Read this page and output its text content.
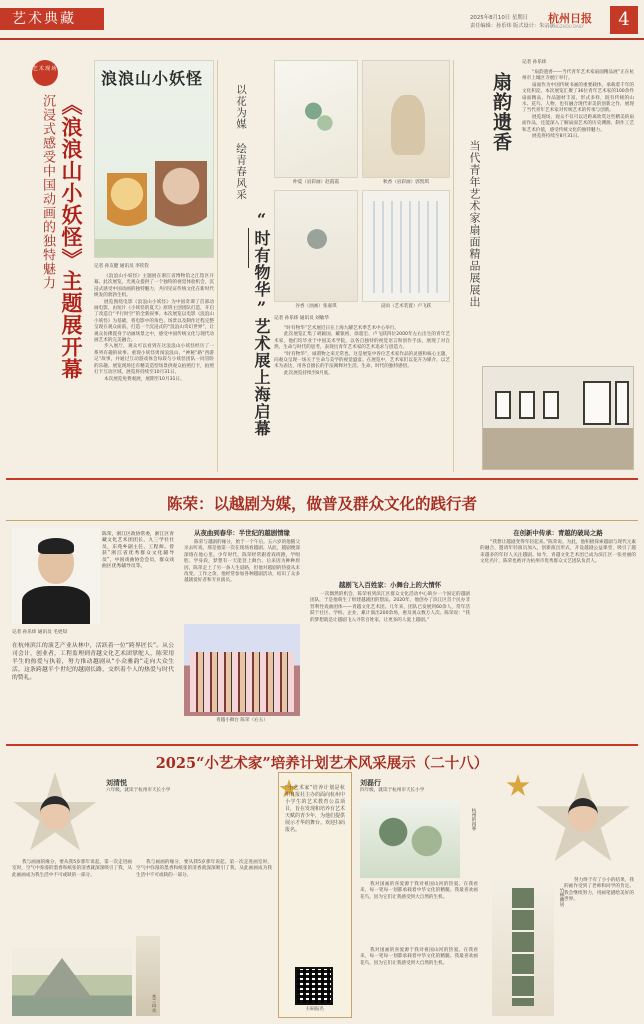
艺术典藏	2025年8月10日 星期日
责任编辑：孙乐炜 版式设计：朱宗宇
杭州日报
HANGZHOU DAILY	4
艺术现场
《浪浪山小妖怪》主题展开幕
沉浸式感受中国动画的独特魅力
浪浪山小妖怪
记者 孙友健 通讯员 李钦钦

《浪浪山小妖怪》主题展在浙江省博物馆之江馆区开幕。此次展览，光观众提供了一个独特的视觉体验机会，沉浸式感受中国动画的独特魅力，共同见证传统文化在新时代焕发的勃勃生机。

展览围绕电影《浪浪山小妖怪》为中国奇谭了首部动画电影，由短片《小妖怪的夏天》原班主创团队打造，开启了改造自“平行时空”的全新叙事。本次展览以电影《浪浪山小妖怪》为基础，将电影中的角色、场景以及制作过程完整呈现在观众面前，打造一个沉浸式的“浪浪山奇幻世界”，让观众仿佛置身于动画场景之中，感受中国传统文化与现代动画艺术的完美融合。

步入展厅，观众可以看到在这浪浪山小妖怪经历了一系列有趣的故事。重现小妖怪勇闯浪浪山、“神秘”路“西游记”故事，并通过互动游戏体会每段与小妖怪团队一同冒险的乐趣。展览现场还有精美造型场景供观众拍照打卡，拍照打卡互动区域。展览将持续至10月31日。

本次展览免费观展，展期至10月31日。

以花为媒 绘青春风采
“时有物华”艺术展上海启幕
仲夏（岩彩画）赵霞霞	秋香（岩彩画）郭凯琪
谷香（油画）张嘉琪	浸雨（艺术装置）卢飞跃
记者 孙乐炜 通讯员 刘敏华

“时有物华”艺术展近日在上海九曜艺术季艺术中心举行。

此次展览汇集了胡颖国、戴银初、徐超宏、卢飞跃四位2000年左右出生的青年艺术家，他们均毕业于中国美术学院，以各自独特的视觉语言和创作手法，展现了对自然、生命与时代的思考，表现出青年艺术家的艺术追求与创造力。

“时有物华”，诚谓物之来无常也。这是展览中各位艺术家作品的灵感和核心主题，向观众呈现一场关于生命与美学的视觉盛宴。在展览中，艺术家们以花卉为媒介，以艺术为表达，用各自擅长的手法阐释对生活、生命、时代的独特感悟。

此次展览持续至8月底。

记者 孙乐炜
扇韵遗香
当代青年艺术家扇面精品展展出

“扇韵遗香——当代青年艺术家扇面精品展”正在杭州市上城区寺展厅举行。

扇面作为中国传统书画的重要载体，承载着千年的文化积淀。本次展览汇聚了36位青年艺术家的100余件扇面精品，作品题材丰富、形式多样，既有传统的山水、花鸟、人物，也有融合现代审美的创新之作，展现了当代青年艺术家对传统艺术的传承与创新。

展览现场，观众不仅可以近距离欣赏这些精美的扇面作品，还能深入了解扇面艺术的历史渊源、制作工艺和艺术价值，感受传统文化的独特魅力。

展览将持续至8月31日。

陈荣：以越剧为媒，做普及群众文化的践行者
陈荣，浙江区政协常委，浙江区青藏文化艺术团团长，九三学社社员，东苑乡副主任，工程师。曾获“浙江省优秀群众文化辅导员”，中国戏曲协会会员，群众戏曲区优秀辅导员等。
记者 孙乐炜 通讯员 毛更知
在杭州滨江的演艺产业从林中，活跃着一位“跨界匠长”。从公司会计，创业者，工程监理到青越文化艺术团掌舵人，陈荣用半生的热爱与执着，努力推动越剧从“小众雅韵”走向大众生活，这条跨越半个世纪的越剧长路，交织着个人的热爱与时代的赞礼。
从夜曲到春华：半世纪的越剧情缘
陈荣与越剧的缘分，始于一个午后。五六岁的他随父亲去听戏，那是他第一次在现场看越剧。从此，越剧便深深烙在他心里。少年时代，陈荣经常跟着戏班跑，学唱腔、学身段，梦想有一天能登上舞台。后来因为种种原因，陈荣走上了另一条人生道路，但他对越剧的热爱从未改变。工作之余，他经常参加各种越剧活动，结识了众多越剧爱好者和专业演员。
青越小舞台 陈荣（右五）
越剧飞入百姓家：小舞台上的大情怀
一次偶然的机会，陈荣看到滨江区群众文化活动中心缺少一个固定的越剧团队，于是他萌生了组建越剧团的想法。2020年，他创办了滨江区首个民办非营利性戏曲团体——青越文化艺术团。几年来，团队已发展到60余人，常年活跃于社区、学校、企业，累计演出200余场，惠及观众数万人次。陈荣说：“我的梦想就是让越剧飞入寻常百姓家，让更多的人爱上越剧。”
在创新中传承：青越的破局之路
“我想让越剧变得年轻起来。”陈荣说。为此，他积极探索越剧与现代元素的融合，邀请年轻演员加入，创新演出形式，开设越剧公益课堂，吸引了越来越多的年轻人关注越剧。如今，青越文化艺术团已成为滨江区一张亮丽的文化名片，陈荣也被评为杭州市优秀群众文艺团队负责人。
2025“小艺术家”培养计划艺术风采展示（二十八）
刘清悦
六年级，就读于杭州市天长小学
我与画画的缘分，要从我5岁那年说起。第一次走进画室时，空气中弥漫的墨香和纸张的清香就深深吸引了我，从此画画成为我生活中不可或缺的一部分。
木兰山水
我与画画的缘分，要从我5岁那年说起。第一次走进画室时，空气中弥漫的墨香和纸张的清香就深深吸引了我，从此画画成为我生活中不可或缺的一部分。
“小艺术家”培养计划是杭州日报社主办的面向杭州中小学生的艺术教育公益项目，旨在发现和培养有艺术天赋的青少年，为他们提供展示才华的舞台。欢迎扫码报名。
扫码报名
刘磊行
四年级，就读于杭州市天长小学
杭州的四季
我对国画的喜爱源于我对祖国山河的热爱。在我看来，每一笔每一划都承载着中华文化的精髓。我最喜欢画花鸟，因为它们让我感受到大自然的生机。
我对国画的喜爱源于我对祖国山河的热爱。在我看来，每一笔每一划都承载着中华文化的精髓。我最喜欢画花鸟，因为它们让我感受到大自然的生机。
竹林幽居
努力终于有了小小的结果，我的画作受到了老师和同学的肯定。我会继续努力，用画笔描绘美好的世界。
